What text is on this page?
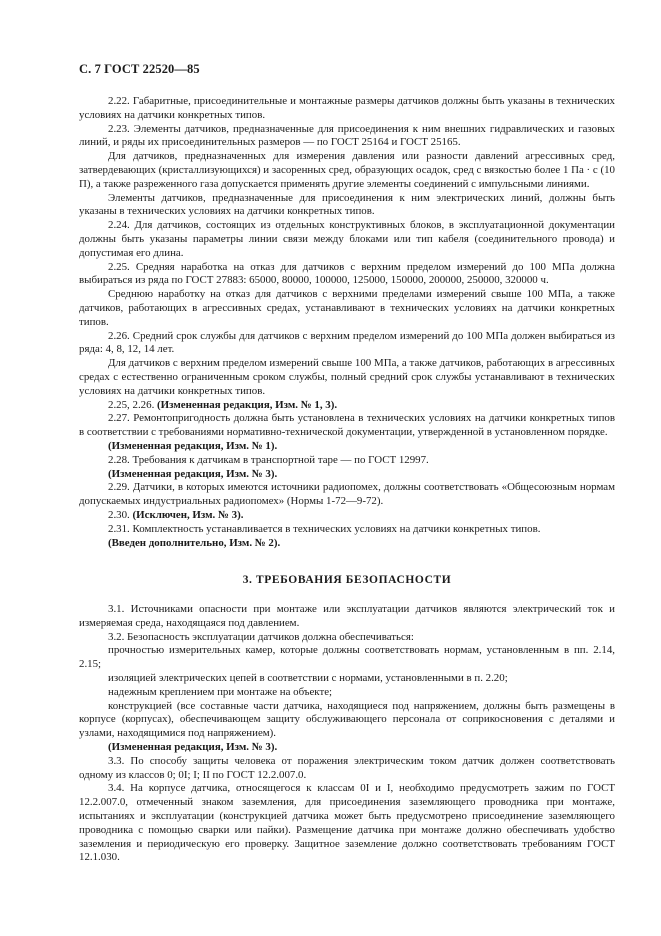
С. 7 ГОСТ 22520—85

2.22. Габаритные, присоединительные и монтажные размеры датчиков должны быть указаны в технических условиях на датчики конкретных типов.

2.23. Элементы датчиков, предназначенные для присоединения к ним внешних гидравлических и газовых линий, и ряды их присоединительных размеров — по ГОСТ 25164 и ГОСТ 25165.

Для датчиков, предназначенных для измерения давления или разности давлений агрессивных сред, затвердевающих (кристаллизующихся) и засоренных сред, образующих осадок, сред с вязкостью более 1 Па · с (10 П), а также разреженного газа допускается применять другие элементы соединений с импульсными линиями.

Элементы датчиков, предназначенные для присоединения к ним электрических линий, должны быть указаны в технических условиях на датчики конкретных типов.

2.24. Для датчиков, состоящих из отдельных конструктивных блоков, в эксплуатационной документации должны быть указаны параметры линии связи между блоками или тип кабеля (соединительного провода) и допустимая его длина.

2.25. Средняя наработка на отказ для датчиков с верхним пределом измерений до 100 МПа должна выбираться из ряда по ГОСТ 27883: 65000, 80000, 100000, 125000, 150000, 200000, 250000, 320000 ч.

Среднюю наработку на отказ для датчиков с верхними пределами измерений свыше 100 МПа, а также датчиков, работающих в агрессивных средах, устанавливают в технических условиях на датчики конкретных типов.

2.26. Средний срок службы для датчиков с верхним пределом измерений до 100 МПа должен выбираться из ряда: 4, 8, 12, 14 лет.

Для датчиков с верхним пределом измерений свыше 100 МПа, а также датчиков, работающих в агрессивных средах с естественно ограниченным сроком службы, полный средний срок службы устанавливают в технических условиях на датчики конкретных типов.

2.25, 2.26. (Измененная редакция, Изм. № 1, 3).

2.27. Ремонтопригодность должна быть установлена в технических условиях на датчики конкретных типов в соответствии с требованиями нормативно-технической документации, утвержденной в установленном порядке.

(Измененная редакция, Изм. № 1).

2.28. Требования к датчикам в транспортной таре — по ГОСТ 12997.

(Измененная редакция, Изм. № 3).

2.29. Датчики, в которых имеются источники радиопомех, должны соответствовать «Общесоюзным нормам допускаемых индустриальных радиопомех» (Нормы 1-72—9-72).

2.30. (Исключен, Изм. № 3).

2.31. Комплектность устанавливается в технических условиях на датчики конкретных типов.

(Введен дополнительно, Изм. № 2).

3. ТРЕБОВАНИЯ БЕЗОПАСНОСТИ

3.1. Источниками опасности при монтаже или эксплуатации датчиков являются электрический ток и измеряемая среда, находящаяся под давлением.

3.2. Безопасность эксплуатации датчиков должна обеспечиваться:

прочностью измерительных камер, которые должны соответствовать нормам, установленным в пп. 2.14, 2.15;

изоляцией электрических цепей в соответствии с нормами, установленными в п. 2.20;

надежным креплением при монтаже на объекте;

конструкцией (все составные части датчика, находящиеся под напряжением, должны быть размещены в корпусе (корпусах), обеспечивающем защиту обслуживающего персонала от соприкосновения с деталями и узлами, находящимися под напряжением).

(Измененная редакция, Изм. № 3).

3.3. По способу защиты человека от поражения электрическим током датчик должен соответствовать одному из классов 0; 0I; I; II по ГОСТ 12.2.007.0.

3.4. На корпусе датчика, относящегося к классам 0I и I, необходимо предусмотреть зажим по ГОСТ 12.2.007.0, отмеченный знаком заземления, для присоединения заземляющего проводника при монтаже, испытаниях и эксплуатации (конструкцией датчика может быть предусмотрено присоединение заземляющего проводника с помощью сварки или пайки). Размещение датчика при монтаже должно обеспечивать удобство заземления и периодическую его проверку. Защитное заземление должно соответствовать требованиям ГОСТ 12.1.030.
